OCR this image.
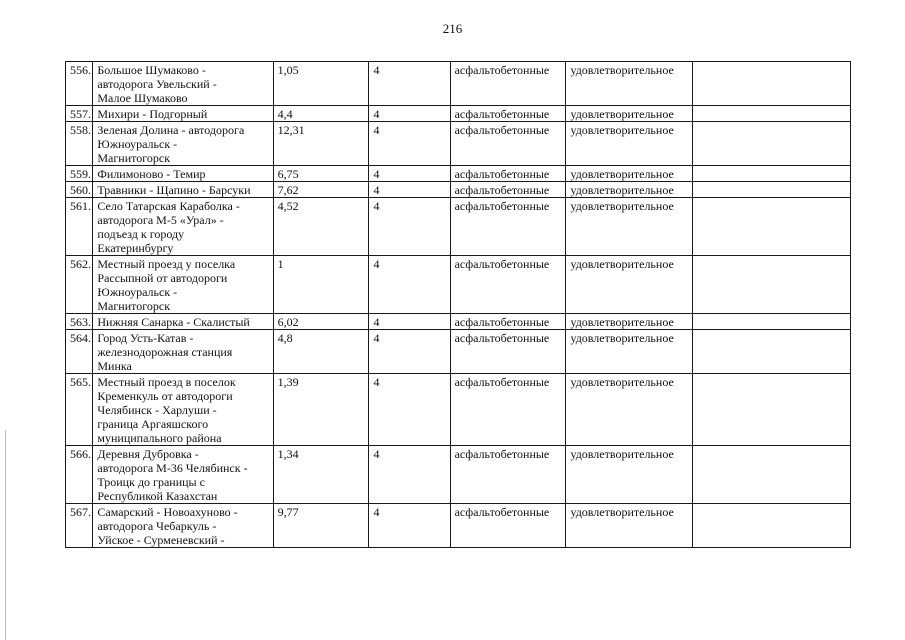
216
556.	Большое Шумаково -
автодорога Увельский -
Малое Шумаково	1,05	4	асфальтобетонные	удовлетворительное	
557.	Михири - Подгорный	4,4	4	асфальтобетонные	удовлетворительное	
558.	Зеленая Долина - автодорога
Южноуральск -
Магнитогорск	12,31	4	асфальтобетонные	удовлетворительное	
559.	Филимоново - Темир	6,75	4	асфальтобетонные	удовлетворительное	
560.	Травники - Щапино - Барсуки	7,62	4	асфальтобетонные	удовлетворительное	
561.	Село Татарская Караболка -
автодорога М-5 «Урал» -
подъезд к городу
Екатеринбургу	4,52	4	асфальтобетонные	удовлетворительное	
562.	Местный проезд у поселка
Рассыпной от автодороги
Южноуральск -
Магнитогорск	1	4	асфальтобетонные	удовлетворительное	
563.	Нижняя Санарка - Скалистый	6,02	4	асфальтобетонные	удовлетворительное	
564.	Город Усть-Катав -
железнодорожная станция
Минка	4,8	4	асфальтобетонные	удовлетворительное	
565.	Местный проезд в поселок
Кременкуль от автодороги
Челябинск - Харлуши -
граница Аргаяшского
муниципального района	1,39	4	асфальтобетонные	удовлетворительное	
566.	Деревня Дубровка -
автодорога М-36 Челябинск -
Троицк до границы с
Республикой Казахстан	1,34	4	асфальтобетонные	удовлетворительное	
567.	Самарский - Новоахуново -
автодорога Чебаркуль -
Уйское - Сурменевский -	9,77	4	асфальтобетонные	удовлетворительное	
